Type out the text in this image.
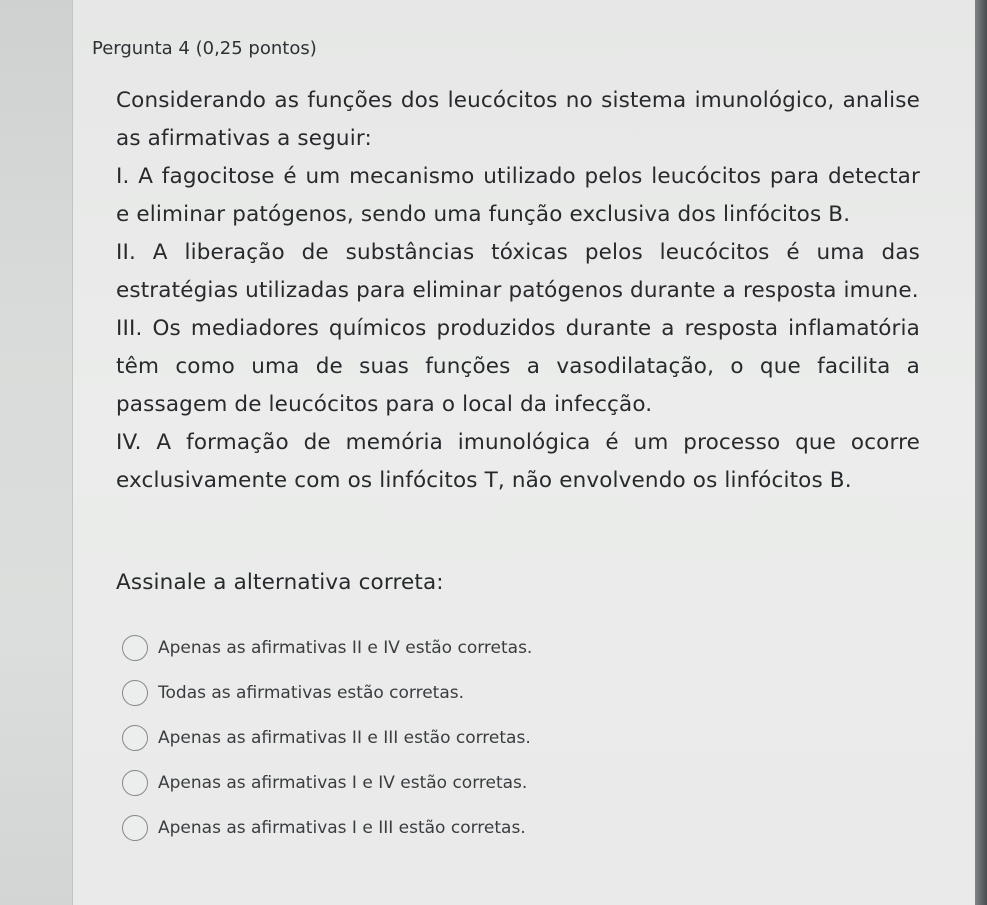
Pergunta 4 (0,25 pontos)

Considerando as funções dos leucócitos no sistema imunológico, analise as afirmativas a seguir:

I. A fagocitose é um mecanismo utilizado pelos leucócitos para detectar e eliminar patógenos, sendo uma função exclusiva dos linfócitos B.

II. A liberação de substâncias tóxicas pelos leucócitos é uma das estratégias utilizadas para eliminar patógenos durante a resposta imune.

III. Os mediadores químicos produzidos durante a resposta inflamatória têm como uma de suas funções a vasodilatação, o que facilita a passagem de leucócitos para o local da infecção.

IV. A formação de memória imunológica é um processo que ocorre exclusivamente com os linfócitos T, não envolvendo os linfócitos B.

Assinale a alternativa correta:
Apenas as afirmativas II e IV estão corretas.
Todas as afirmativas estão corretas.
Apenas as afirmativas II e III estão corretas.
Apenas as afirmativas I e IV estão corretas.
Apenas as afirmativas I e III estão corretas.
